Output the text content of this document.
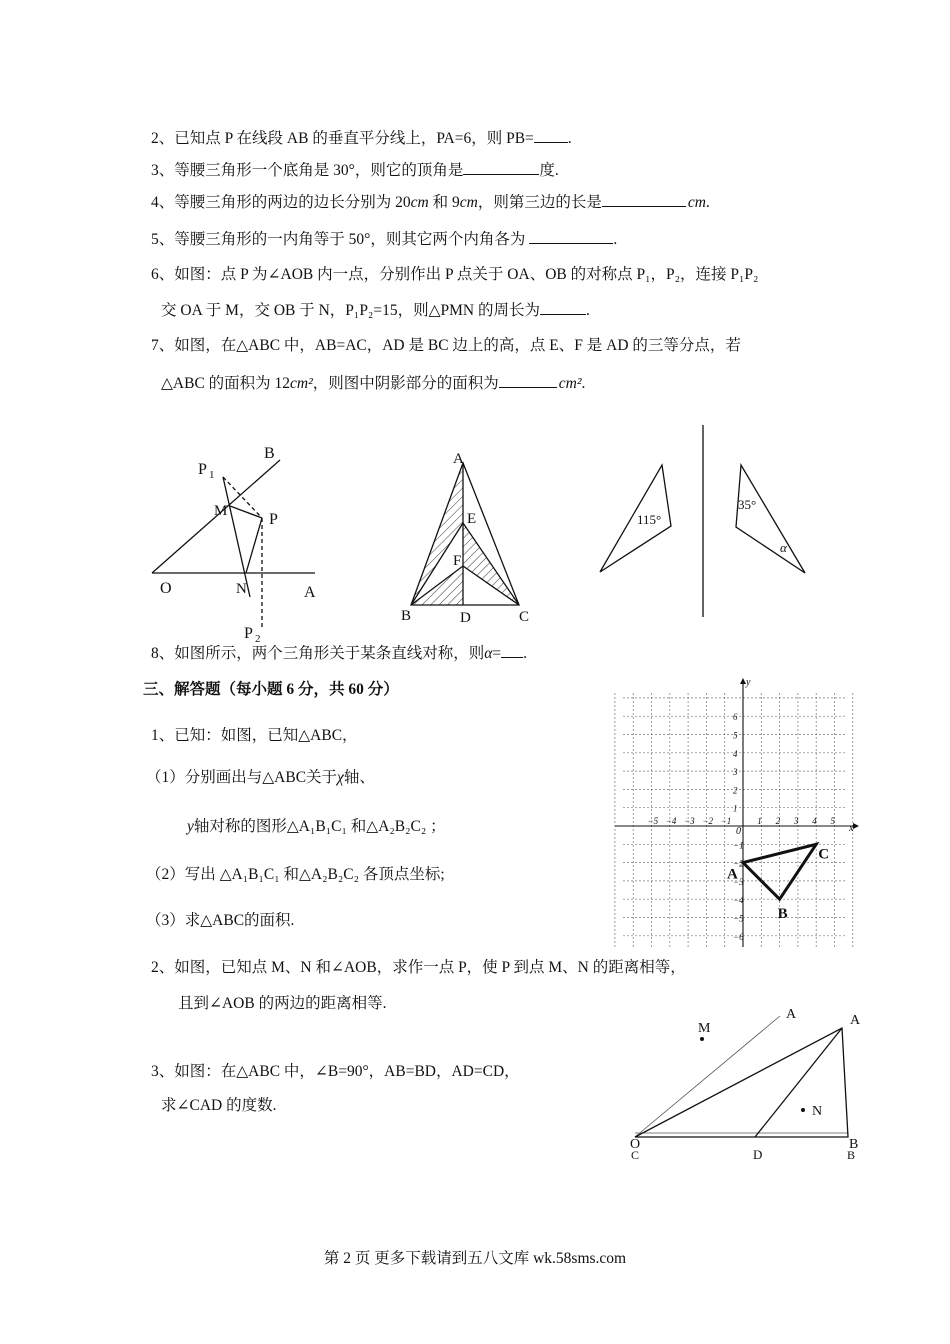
2、已知点 P 在线段 AB 的垂直平分线上，PA=6，则 PB= .
3、等腰三角形一个底角是 30°，则它的顶角是	度.
4、等腰三角形的两边的边长分别为 20cm 和 9cm，则第三边的长是	cm.
5、等腰三角形的一内角等于 50°，则其它两个内角各为	.
6、如图：点 P 为∠AOB 内一点，分别作出 P 点关于 OA、OB 的对称点 P₁，P₂，连接 P₁P₂
交 OA 于 M，交 OB 于 N，P₁P₂=15，则△PMN 的周长为	.
7、如图，在△ABC 中，AB=AC，AD 是 BC 边上的高，点 E、F 是 AD 的三等分点，若
△ABC 的面积为 12cm²，则图中阴影部分的面积为	cm².
P 1
B
M	P
O	N	A
P 2
A
E
F
B	D	C
115°
35°
α
8、如图所示，两个三角形关于某条直线对称，则α= .
三、解答题（每小题 6 分，共 60 分）
1、已知：如图，已知△ABC，
（1）分别画出与△ABC关于χ轴、
y轴对称的图形△A₁B₁C₁ 和△A₂B₂C₂ ；
（2）写出 △A₁B₁C₁ 和△A₂B₂C₂ 各顶点坐标;
（3）求△ABC的面积.
2、如图，已知点 M、N 和∠AOB，求作一点 P，使 P 到点 M、N 的距离相等，
且到∠AOB 的两边的距离相等.
3、如图：在△ABC 中，∠B=90°，AB=BD，AD=CD，
求∠CAD 的度数.
x
y
0
−5 −4 −3 −2 −1	1 2 3 4 5
6
5
4
3
2
1
−1
−2
−3
−4
−5
−6
A
B
C
M
A	A
N
O
C	D
B
B
第 2 页 更多下载请到五八文库 wk.58sms.com
